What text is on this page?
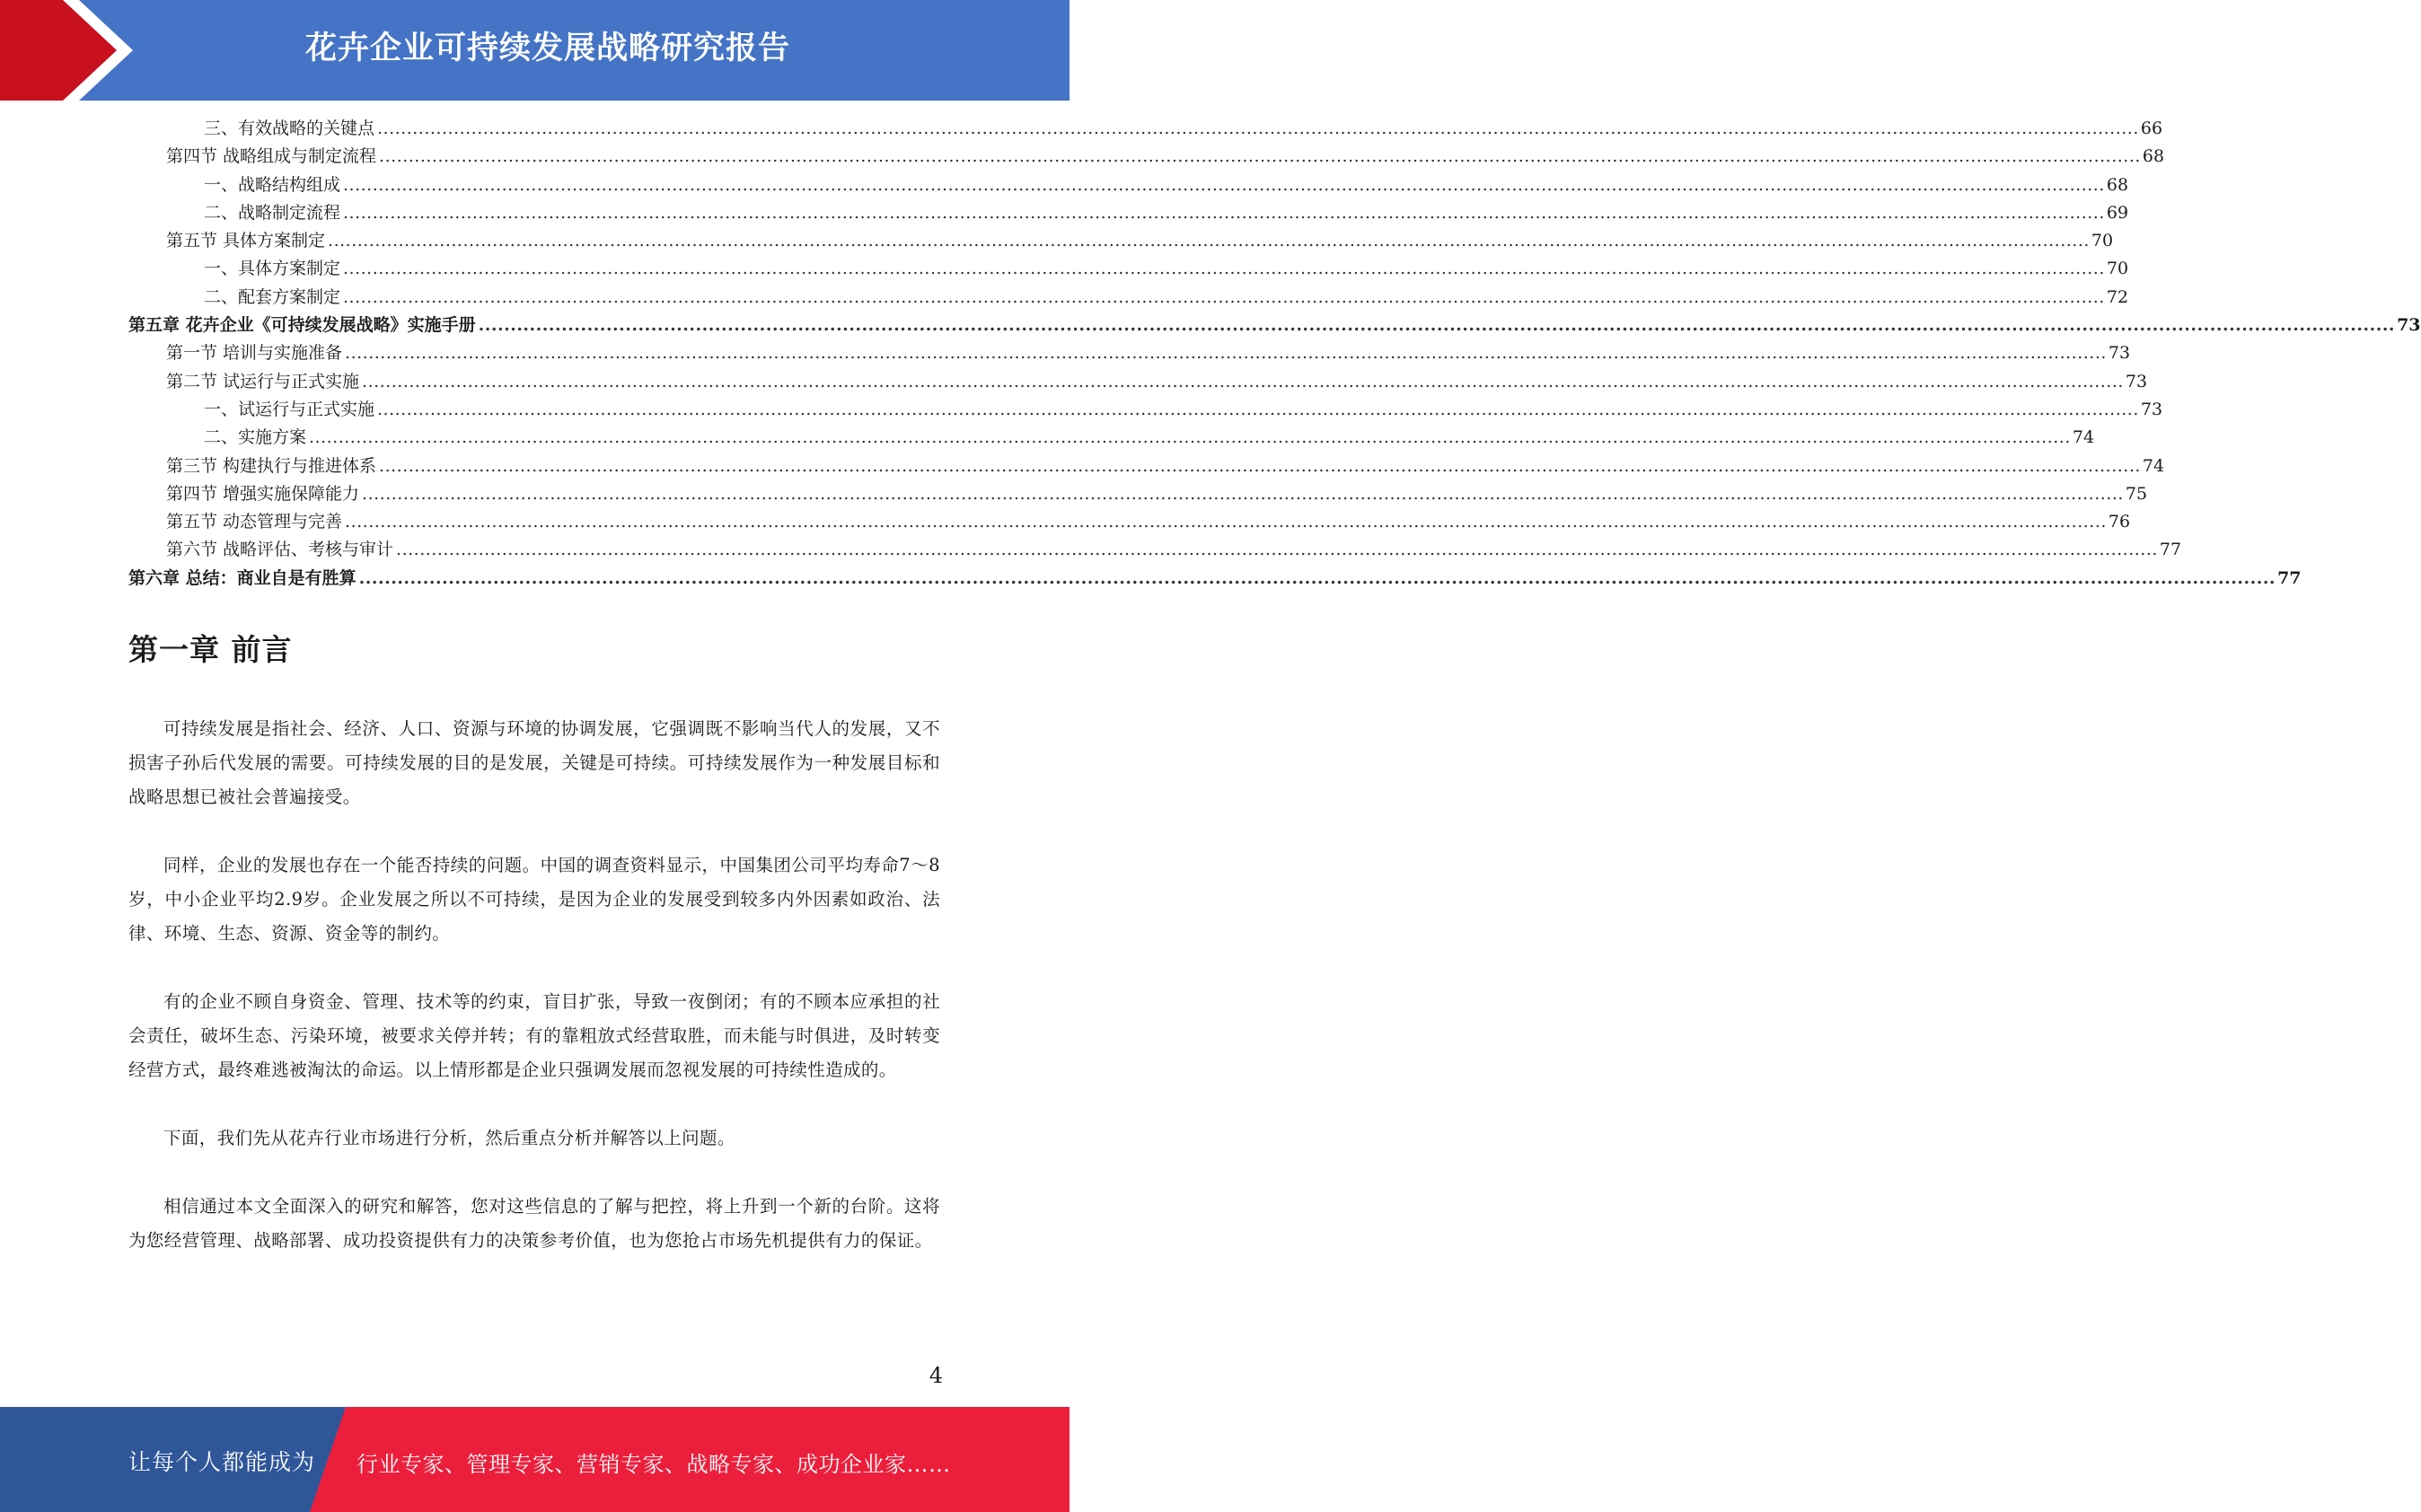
花卉企业可持续发展战略研究报告
三、有效战略的关键点 ............................................................................................................................................................................................................................................................................................................ 66
第四节 战略组成与制定流程 ............................................................................................................................................................................................................................................................................................................ 68
一、战略结构组成 ............................................................................................................................................................................................................................................................................................................ 68
二、战略制定流程 ............................................................................................................................................................................................................................................................................................................ 69
第五节 具体方案制定 ............................................................................................................................................................................................................................................................................................................ 70
一、具体方案制定 ............................................................................................................................................................................................................................................................................................................ 70
二、配套方案制定 ............................................................................................................................................................................................................................................................................................................ 72
第五章 花卉企业《可持续发展战略》实施手册 ............................................................................................................................................................................................................................................................................................................ 73
第一节 培训与实施准备 ............................................................................................................................................................................................................................................................................................................ 73
第二节 试运行与正式实施 ............................................................................................................................................................................................................................................................................................................ 73
一、试运行与正式实施 ............................................................................................................................................................................................................................................................................................................ 73
二、实施方案 ............................................................................................................................................................................................................................................................................................................ 74
第三节 构建执行与推进体系 ............................................................................................................................................................................................................................................................................................................ 74
第四节 增强实施保障能力 ............................................................................................................................................................................................................................................................................................................ 75
第五节 动态管理与完善 ............................................................................................................................................................................................................................................................................................................ 76
第六节 战略评估、考核与审计 ............................................................................................................................................................................................................................................................................................................ 77
第六章 总结：商业自是有胜算 ............................................................................................................................................................................................................................................................................................................ 77
第一章 前言

可持续发展是指社会、经济、人口、资源与环境的协调发展，它强调既不影响当代人的发展，又不损害子孙后代发展的需要。可持续发展的目的是发展，关键是可持续。可持续发展作为一种发展目标和战略思想已被社会普遍接受。

同样，企业的发展也存在一个能否持续的问题。中国的调查资料显示，中国集团公司平均寿命7～8岁，中小企业平均2.9岁。企业发展之所以不可持续，是因为企业的发展受到较多内外因素如政治、法律、环境、生态、资源、资金等的制约。

有的企业不顾自身资金、管理、技术等的约束，盲目扩张，导致一夜倒闭；有的不顾本应承担的社会责任，破坏生态、污染环境，被要求关停并转；有的靠粗放式经营取胜，而未能与时俱进，及时转变经营方式，最终难逃被淘汰的命运。以上情形都是企业只强调发展而忽视发展的可持续性造成的。

下面，我们先从花卉行业市场进行分析，然后重点分析并解答以上问题。

相信通过本文全面深入的研究和解答，您对这些信息的了解与把控，将上升到一个新的台阶。这将为您经营管理、战略部署、成功投资提供有力的决策参考价值，也为您抢占市场先机提供有力的保证。

4
让每个人都能成为 行业专家、管理专家、营销专家、战略专家、成功企业家……
